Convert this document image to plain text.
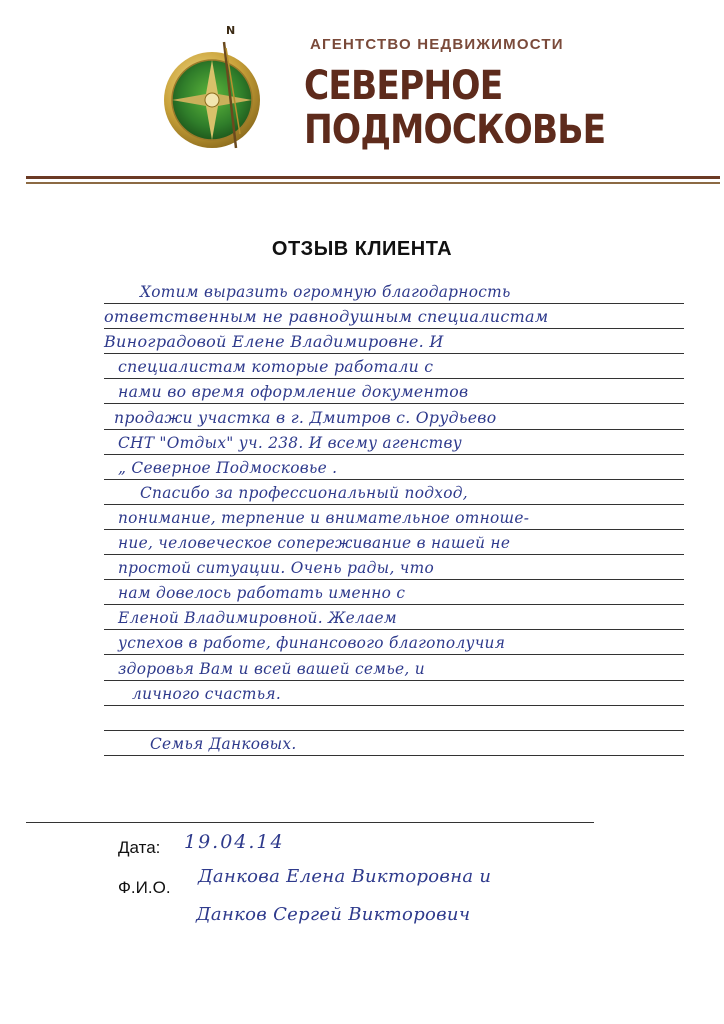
N
АГЕНТСТВО НЕДВИЖИМОСТИ
СЕВЕРНОЕ
ПОДМОСКОВЬЕ
ОТЗЫВ КЛИЕНТА
Хотим выразить огромную благодарность
ответственным не равнодушным специалистам
Виноградовой Елене Владимировне. И
специалистам которые работали с
нами во время оформление документов
продажи участка в г. Дмитров с. Орудьево
СНТ "Отдых" уч. 238. И всему агенству
„ Северное Подмосковье .
Спасибо за профессиональный подход,
понимание, терпение и внимательное отноше-
ние, человеческое сопереживание в нашей не
простой ситуации. Очень рады, что
нам довелось работать именно с
Еленой Владимировной. Желаем
успехов в работе, финансового благополучия
здоровья Вам и всей вашей семье, и
личного счастья.
Семья Данковых.
Дата: 19.04.14
Ф.И.О.
Данкова Елена Викторовна и
Данков Сергей Викторович
